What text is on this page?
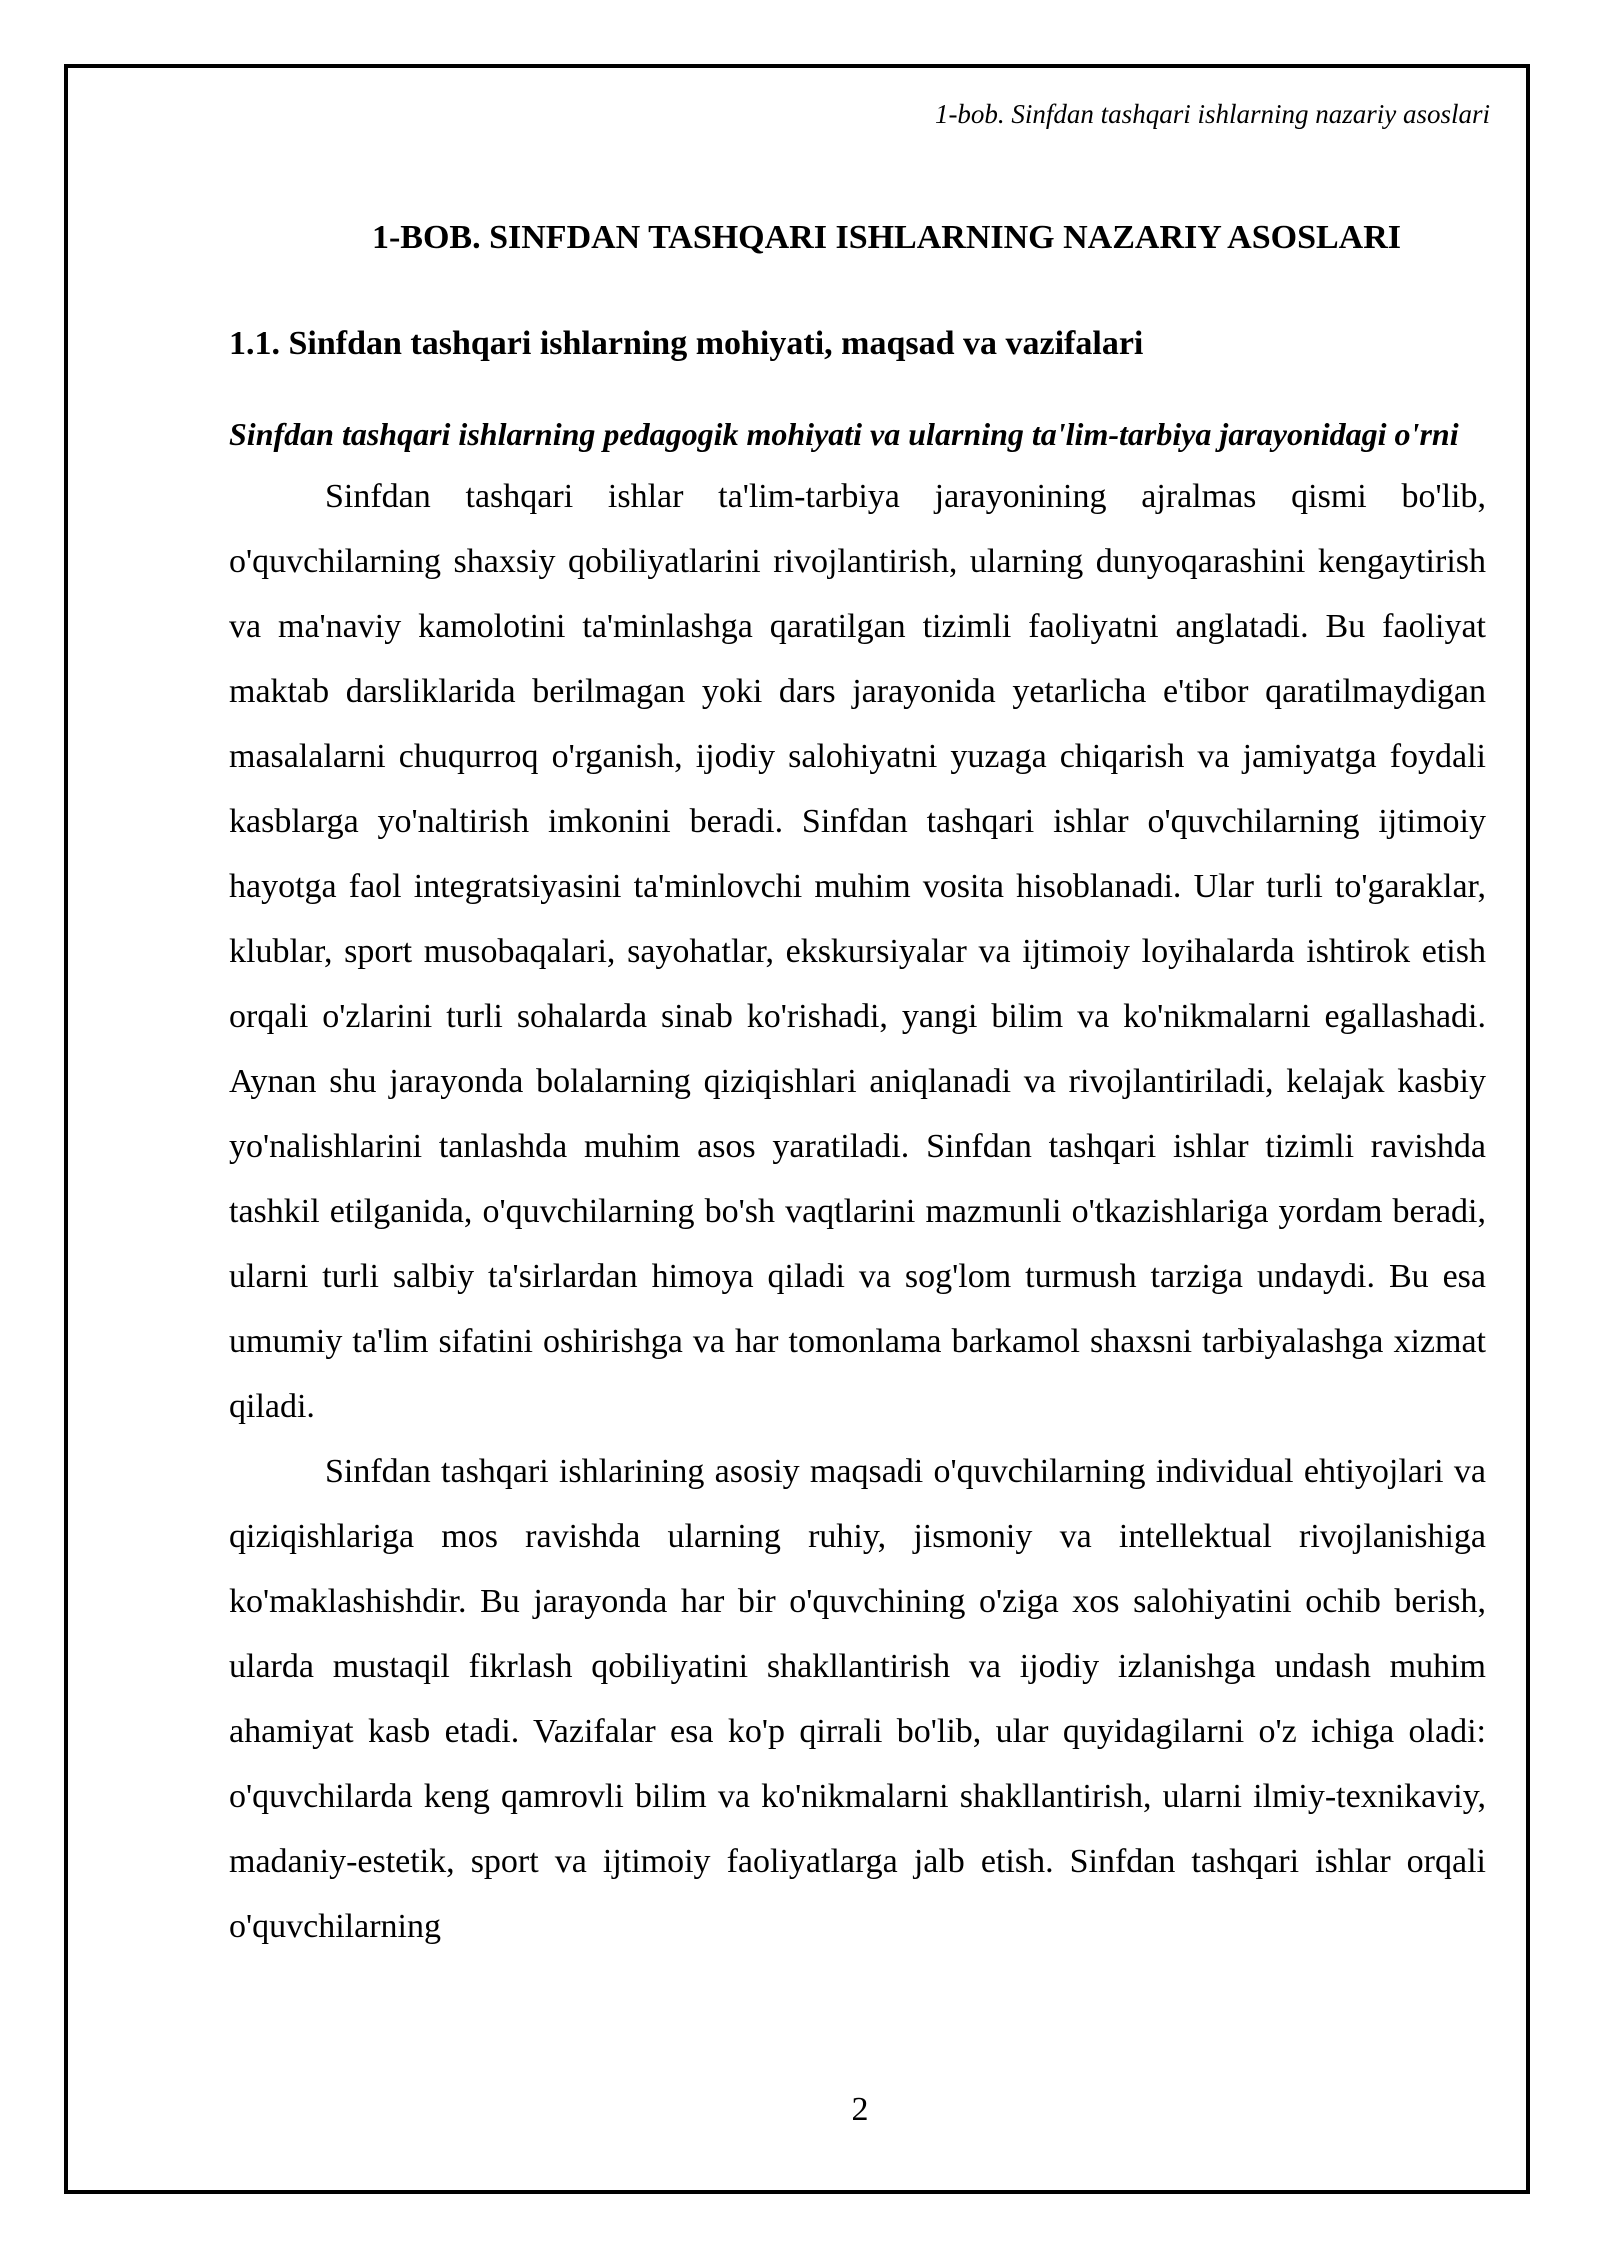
1-bob. Sinfdan tashqari ishlarning nazariy asoslari
1-BOB. SINFDAN TASHQARI ISHLARNING NAZARIY ASOSLARI
1.1. Sinfdan tashqari ishlarning mohiyati, maqsad va vazifalari
Sinfdan tashqari ishlarning pedagogik mohiyati va ularning ta'lim-tarbiya jarayonidagi o'rni

Sinfdan tashqari ishlar ta'lim-tarbiya jarayonining ajralmas qismi bo'lib, o'quvchilarning shaxsiy qobiliyatlarini rivojlantirish, ularning dunyoqarashini kengaytirish va ma'naviy kamolotini ta'minlashga qaratilgan tizimli faoliyatni anglatadi. Bu faoliyat maktab darsliklarida berilmagan yoki dars jarayonida yetarlicha e'tibor qaratilmaydigan masalalarni chuqurroq o'rganish, ijodiy salohiyatni yuzaga chiqarish va jamiyatga foydali kasblarga yo'naltirish imkonini beradi. Sinfdan tashqari ishlar o'quvchilarning ijtimoiy hayotga faol integratsiyasini ta'minlovchi muhim vosita hisoblanadi. Ular turli to'garaklar, klublar, sport musobaqalari, sayohatlar, ekskursiyalar va ijtimoiy loyihalarda ishtirok etish orqali o'zlarini turli sohalarda sinab ko'rishadi, yangi bilim va ko'nikmalarni egallashadi. Aynan shu jarayonda bolalarning qiziqishlari aniqlanadi va rivojlantiriladi, kelajak kasbiy yo'nalishlarini tanlashda muhim asos yaratiladi. Sinfdan tashqari ishlar tizimli ravishda tashkil etilganida, o'quvchilarning bo'sh vaqtlarini mazmunli o'tkazishlariga yordam beradi, ularni turli salbiy ta'sirlardan himoya qiladi va sog'lom turmush tarziga undaydi. Bu esa umumiy ta'lim sifatini oshirishga va har tomonlama barkamol shaxsni tarbiyalashga xizmat qiladi.

Sinfdan tashqari ishlarining asosiy maqsadi o'quvchilarning individual ehtiyojlari va qiziqishlariga mos ravishda ularning ruhiy, jismoniy va intellektual rivojlanishiga ko'maklashishdir. Bu jarayonda har bir o'quvchining o'ziga xos salohiyatini ochib berish, ularda mustaqil fikrlash qobiliyatini shakllantirish va ijodiy izlanishga undash muhim ahamiyat kasb etadi. Vazifalar esa ko'p qirrali bo'lib, ular quyidagilarni o'z ichiga oladi: o'quvchilarda keng qamrovli bilim va ko'nikmalarni shakllantirish, ularni ilmiy-texnikaviy, madaniy-estetik, sport va ijtimoiy faoliyatlarga jalb etish. Sinfdan tashqari ishlar orqali o'quvchilarning

2
